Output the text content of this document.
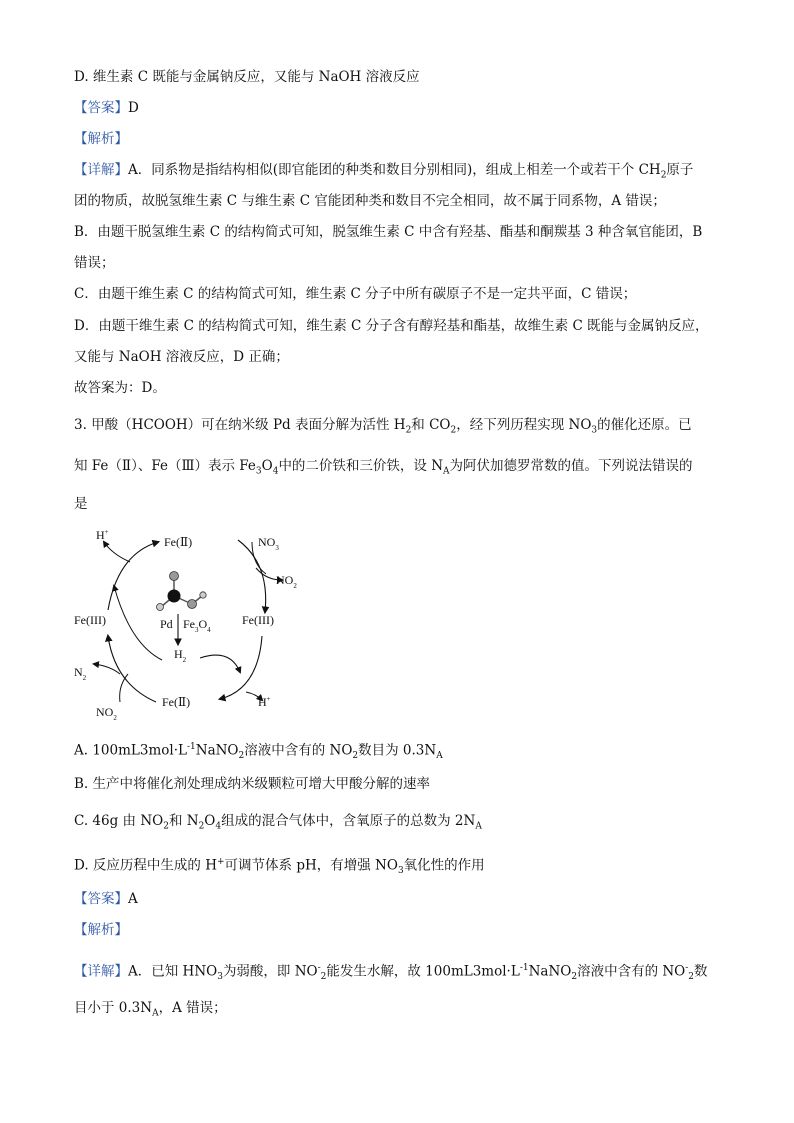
D. 维生素 C 既能与金属钠反应，又能与 NaOH 溶液反应
【答案】D
【解析】
【详解】A．同系物是指结构相似(即官能团的种类和数目分别相同)，组成上相差一个或若干个 $CH_2$原子
团的物质，故脱氢维生素 C 与维生素 C 官能团种类和数目不完全相同，故不属于同系物，A 错误；
B．由题干脱氢维生素 C 的结构简式可知，脱氢维生素 C 中含有羟基、酯基和酮羰基 3 种含氧官能团，B
错误；
C．由题干维生素 C 的结构简式可知，维生素 C 分子中所有碳原子不是一定共平面，C 错误；
D．由题干维生素 C 的结构简式可知，维生素 C 分子含有醇羟基和酯基，故维生素 C 既能与金属钠反应，
又能与 NaOH 溶液反应，D 正确；
故答案为：D。
3. 甲酸（HCOOH）可在纳米级 Pd 表面分解为活性 $H_2$和 $CO_2$，经下列历程实现 $NO_3$的催化还原。已
知 Fe（Ⅱ）、Fe（Ⅲ）表示 $Fe_3O_4$中的二价铁和三价铁，设 $N_A$为阿伏加德罗常数的值。下列说法错误的
是
H+
Fe(Ⅱ)	$NO_3$
$NO_2$
Fe(III)	Fe(III)
Pd $Fe_3O_4$
$H_2$
$N_2$
Fe(Ⅱ)	H+
$NO_2$
A. $100mL3mol\cdot L^{-1}NaNO_2$溶液中含有的 $NO_2$数目为 $0.3N_A$
B. 生产中将催化剂处理成纳米级颗粒可增大甲酸分解的速率
C. 46g 由 $NO_2$和 $N_2O_4$组成的混合气体中，含氧原子的总数为 $2N_A$
D. 反应历程中生成的 H+可调节体系 pH，有增强 $NO_3$氧化性的作用
【答案】A
【解析】
【详解】A．已知 $HNO_3$为弱酸，即 $NO^-_2$能发生水解，故 $100mL3mol\cdot L^{-1}NaNO_2$溶液中含有的 $NO^-_2$数
目小于 $0.3N_A$，A 错误；
